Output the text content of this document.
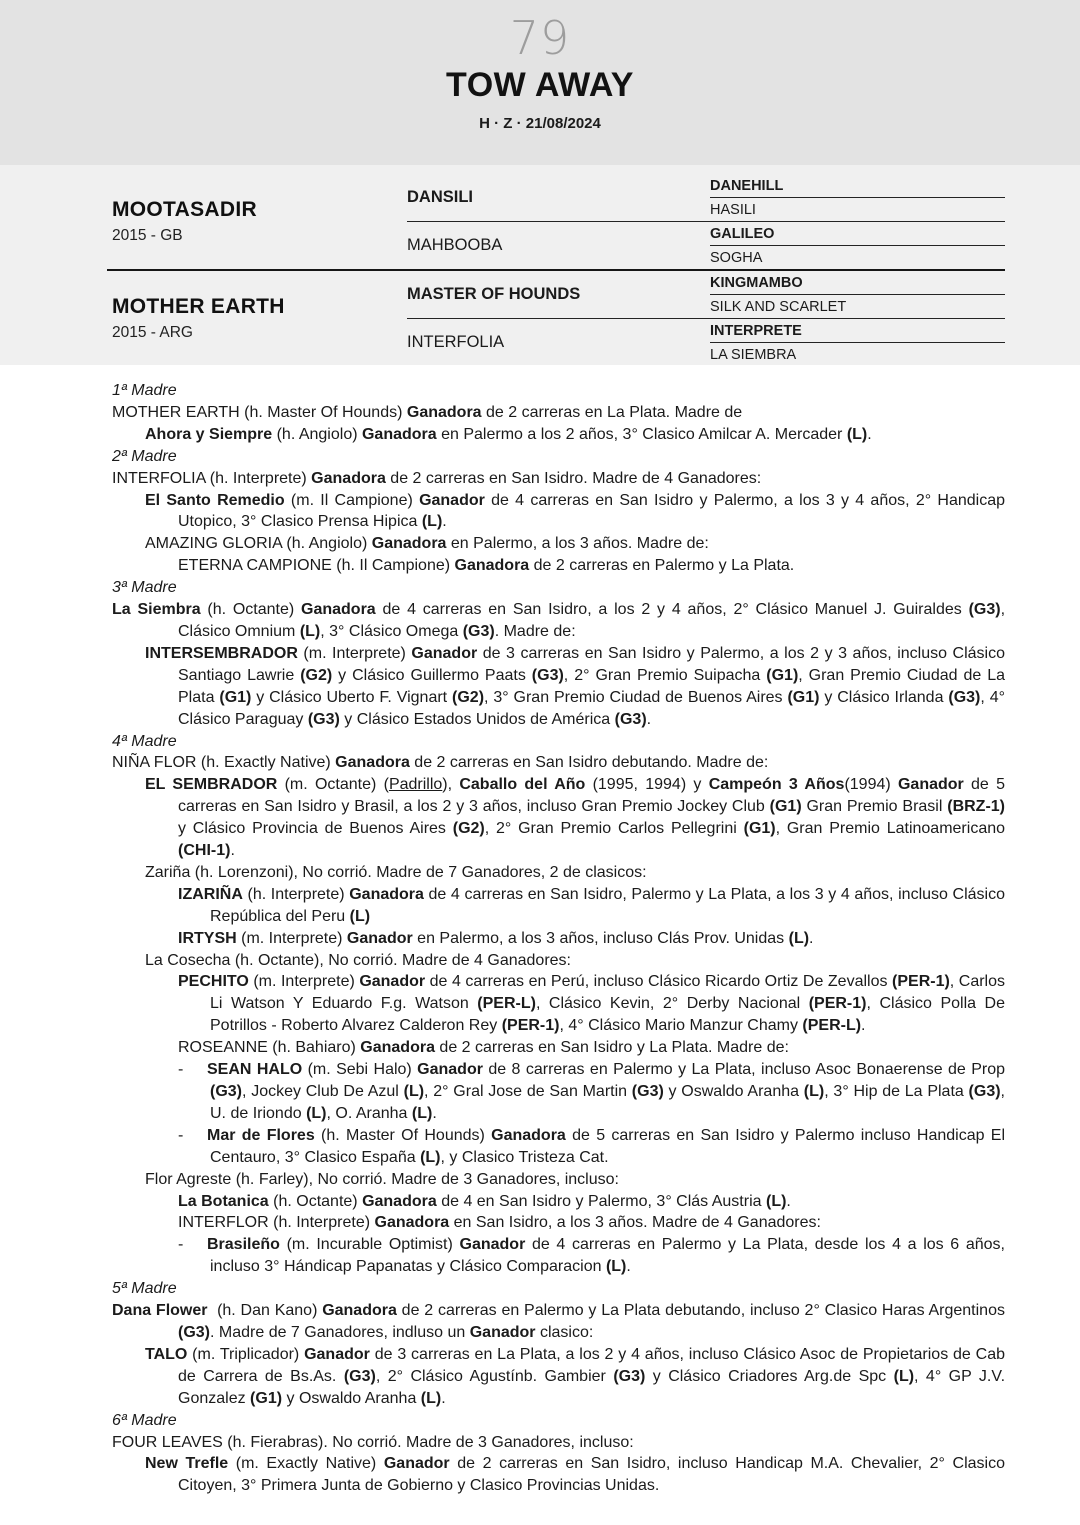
79
TOW AWAY
H · Z · 21/08/2024
MOOTASADIR
2015 - GB
DANSILI
DANEHILL
HASILI
MAHBOOBA
GALILEO
SOGHA
MOTHER EARTH
2015 - ARG
MASTER OF HOUNDS
KINGMAMBO
SILK AND SCARLET
INTERFOLIA
INTERPRETE
LA SIEMBRA
1ª Madre
MOTHER EARTH (h. Master Of Hounds) Ganadora de 2 carreras en La Plata. Madre de
Ahora y Siempre (h. Angiolo) Ganadora en Palermo a los 2 años, 3° Clasico Amilcar A. Mercader (L).
2ª Madre
INTERFOLIA (h. Interprete) Ganadora de 2 carreras en San Isidro. Madre de 4 Ganadores:
El Santo Remedio (m. Il Campione) Ganador de 4 carreras en San Isidro y Palermo, a los 3 y 4 años, 2° Handicap Utopico, 3° Clasico Prensa Hipica (L).
AMAZING GLORIA (h. Angiolo) Ganadora en Palermo, a los 3 años. Madre de:
ETERNA CAMPIONE (h. Il Campione) Ganadora de 2 carreras en Palermo y La Plata.
3ª Madre
La Siembra (h. Octante) Ganadora de 4 carreras en San Isidro, a los 2 y 4 años, 2° Clásico Manuel J. Guiraldes (G3), Clásico Omnium (L), 3° Clásico Omega (G3). Madre de:
INTERSEMBRADOR (m. Interprete) Ganador de 3 carreras en San Isidro y Palermo, a los 2 y 3 años, incluso Clásico Santiago Lawrie (G2) y Clásico Guillermo Paats (G3), 2° Gran Premio Suipacha (G1), Gran Premio Ciudad de La Plata (G1) y Clásico Uberto F. Vignart (G2), 3° Gran Premio Ciudad de Buenos Aires (G1) y Clásico Irlanda (G3), 4° Clásico Paraguay (G3) y Clásico Estados Unidos de América (G3).
4ª Madre
NIÑA FLOR (h. Exactly Native) Ganadora de 2 carreras en San Isidro debutando. Madre de:
EL SEMBRADOR (m. Octante) (Padrillo), Caballo del Año (1995, 1994) y Campeón 3 Años(1994) Ganador de 5 carreras en San Isidro y Brasil, a los 2 y 3 años, incluso Gran Premio Jockey Club (G1) Gran Premio Brasil (BRZ-1) y Clásico Provincia de Buenos Aires (G2), 2° Gran Premio Carlos Pellegrini (G1), Gran Premio Latinoamericano (CHI-1).
Zariña (h. Lorenzoni), No corrió. Madre de 7 Ganadores, 2 de clasicos:
IZARIÑA (h. Interprete) Ganadora de 4 carreras en San Isidro, Palermo y La Plata, a los 3 y 4 años, incluso Clásico República del Peru (L)
IRTYSH (m. Interprete) Ganador en Palermo, a los 3 años, incluso Clás Prov. Unidas (L).
La Cosecha (h. Octante), No corrió. Madre de 4 Ganadores:
PECHITO (m. Interprete) Ganador de 4 carreras en Perú, incluso Clásico Ricardo Ortiz De Zevallos (PER-1), Carlos Li Watson Y Eduardo F.g. Watson (PER-L), Clásico Kevin, 2° Derby Nacional (PER-1), Clásico Polla De Potrillos - Roberto Alvarez Calderon Rey (PER-1), 4° Clásico Mario Manzur Chamy (PER-L).
ROSEANNE (h. Bahiaro) Ganadora de 2 carreras en San Isidro y La Plata. Madre de:
- SEAN HALO (m. Sebi Halo) Ganador de 8 carreras en Palermo y La Plata, incluso Asoc Bonaerense de Prop (G3), Jockey Club De Azul (L), 2° Gral Jose de San Martin (G3) y Oswaldo Aranha (L), 3° Hip de La Plata (G3), U. de Iriondo (L), O. Aranha (L).
- Mar de Flores (h. Master Of Hounds) Ganadora de 5 carreras en San Isidro y Palermo incluso Handicap El Centauro, 3° Clasico España (L), y Clasico Tristeza Cat.
Flor Agreste (h. Farley), No corrió. Madre de 3 Ganadores, incluso:
La Botanica (h. Octante) Ganadora de 4 en San Isidro y Palermo, 3° Clás Austria (L).
INTERFLOR (h. Interprete) Ganadora en San Isidro, a los 3 años. Madre de 4 Ganadores:
- Brasileño (m. Incurable Optimist) Ganador de 4 carreras en Palermo y La Plata, desde los 4 a los 6 años, incluso 3° Hándicap Papanatas y Clásico Comparacion (L).
5ª Madre
Dana Flower  (h. Dan Kano) Ganadora de 2 carreras en Palermo y La Plata debutando, incluso 2° Clasico Haras Argentinos (G3). Madre de 7 Ganadores, indluso un Ganador clasico:
TALO (m. Triplicador) Ganador de 3 carreras en La Plata, a los 2 y 4 años, incluso Clásico Asoc de Propietarios de Cab de Carrera de Bs.As. (G3), 2° Clásico Agustínb. Gambier (G3) y Clásico Criadores Arg.de Spc (L), 4° GP J.V. Gonzalez (G1) y Oswaldo Aranha (L).
6ª Madre
FOUR LEAVES (h. Fierabras). No corrió. Madre de 3 Ganadores, incluso:
New Trefle (m. Exactly Native) Ganador de 2 carreras en San Isidro, incluso Handicap M.A. Chevalier, 2° Clasico Citoyen, 3° Primera Junta de Gobierno y Clasico Provincias Unidas.
